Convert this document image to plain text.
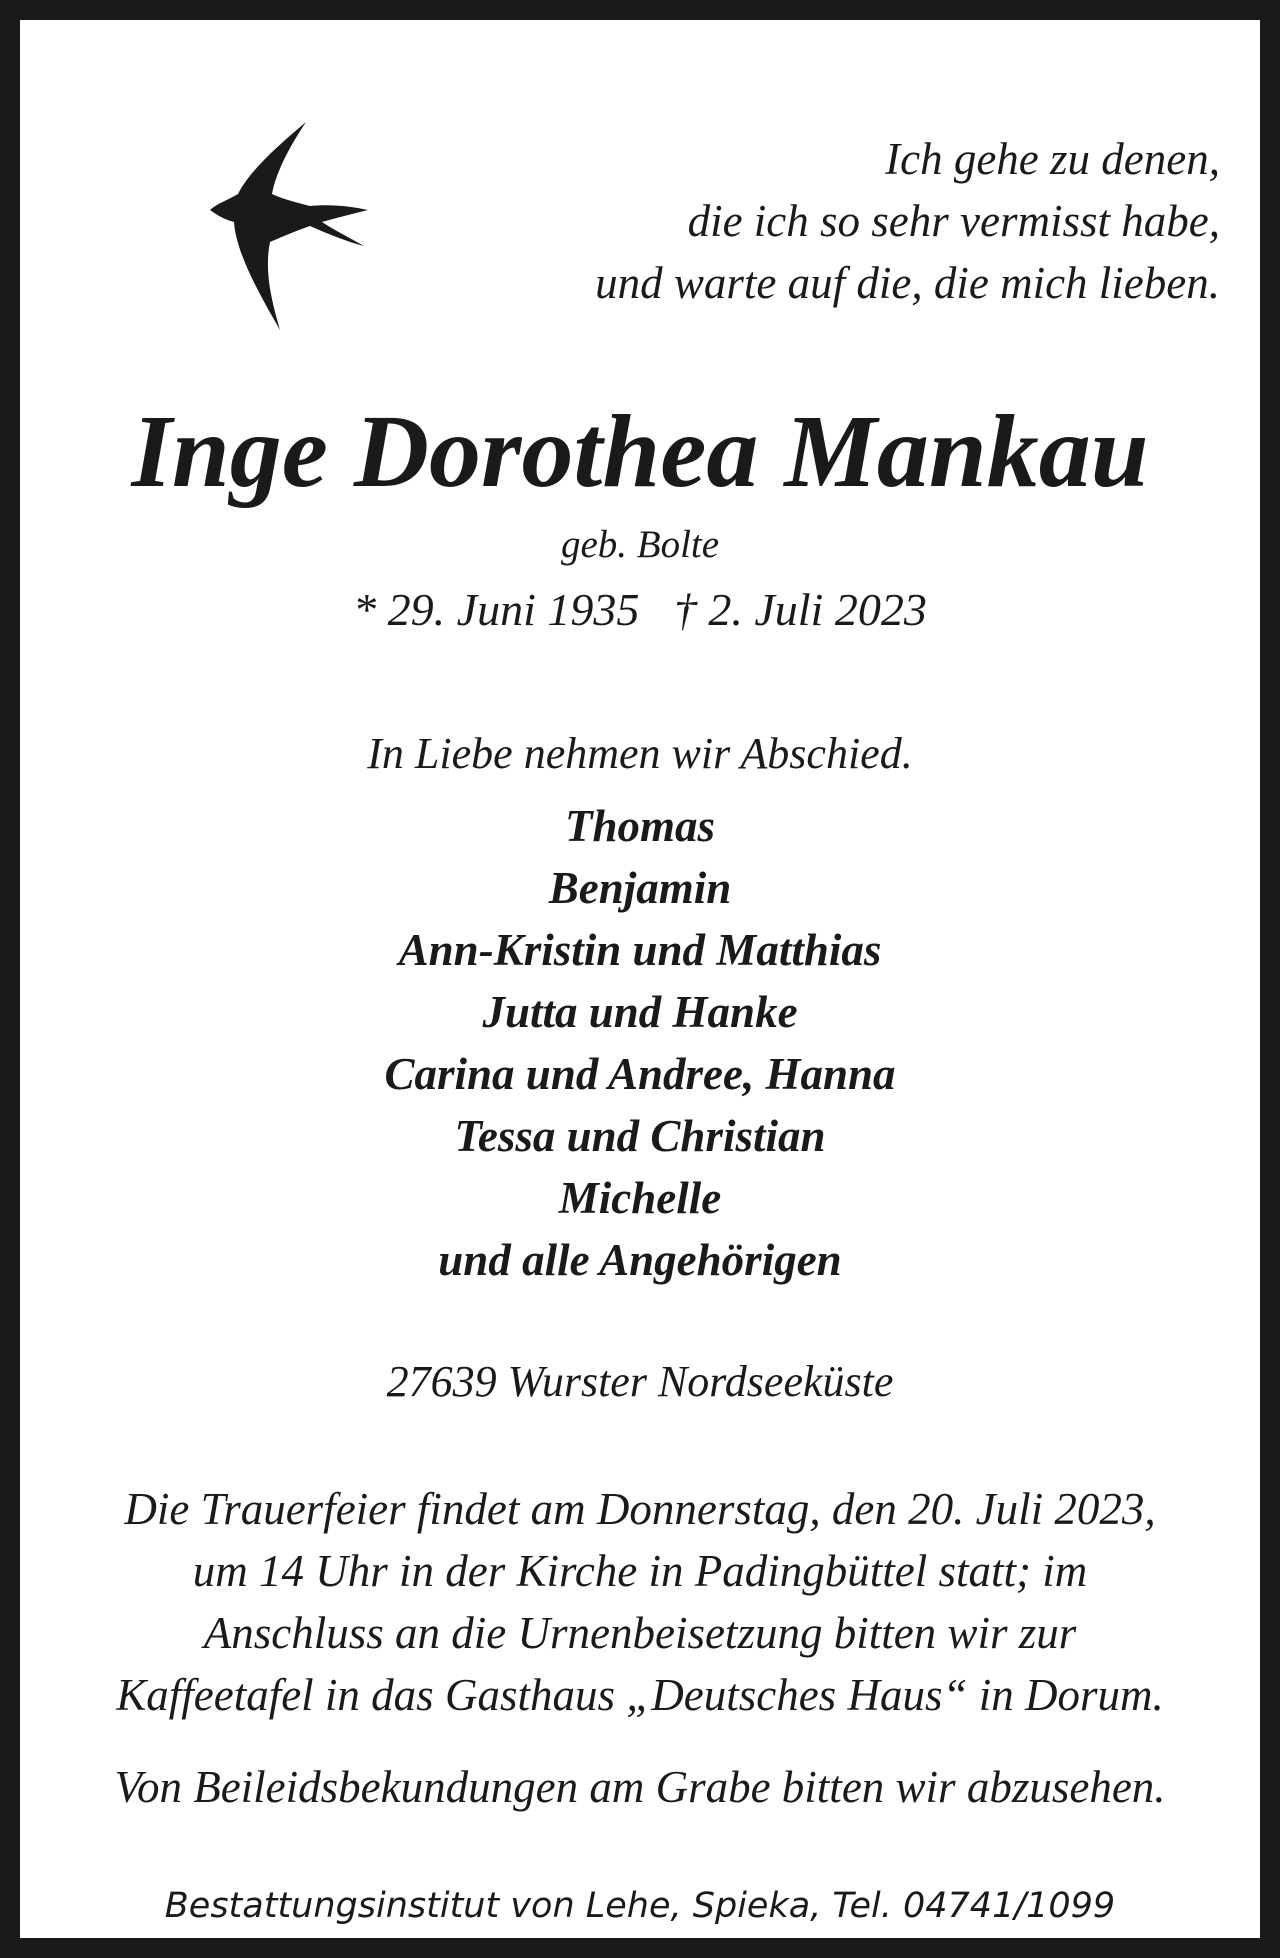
Ich gehe zu denen,
die ich so sehr vermisst habe,
und warte auf die, die mich lieben.
Inge Dorothea Mankau
geb. Bolte
* 29. Juni 1935   † 2. Juli 2023
In Liebe nehmen wir Abschied.
Thomas
Benjamin
Ann-Kristin und Matthias
Jutta und Hanke
Carina und Andree, Hanna
Tessa und Christian
Michelle
und alle Angehörigen
27639 Wurster Nordseeküste
Die Trauerfeier findet am Donnerstag, den 20. Juli 2023,
um 14 Uhr in der Kirche in Padingbüttel statt; im
Anschluss an die Urnenbeisetzung bitten wir zur
Kaffeetafel in das Gasthaus „Deutsches Haus“ in Dorum.
Von Beileidsbekundungen am Grabe bitten wir abzusehen.
Bestattungsinstitut von Lehe, Spieka, Tel. 04741/1099
